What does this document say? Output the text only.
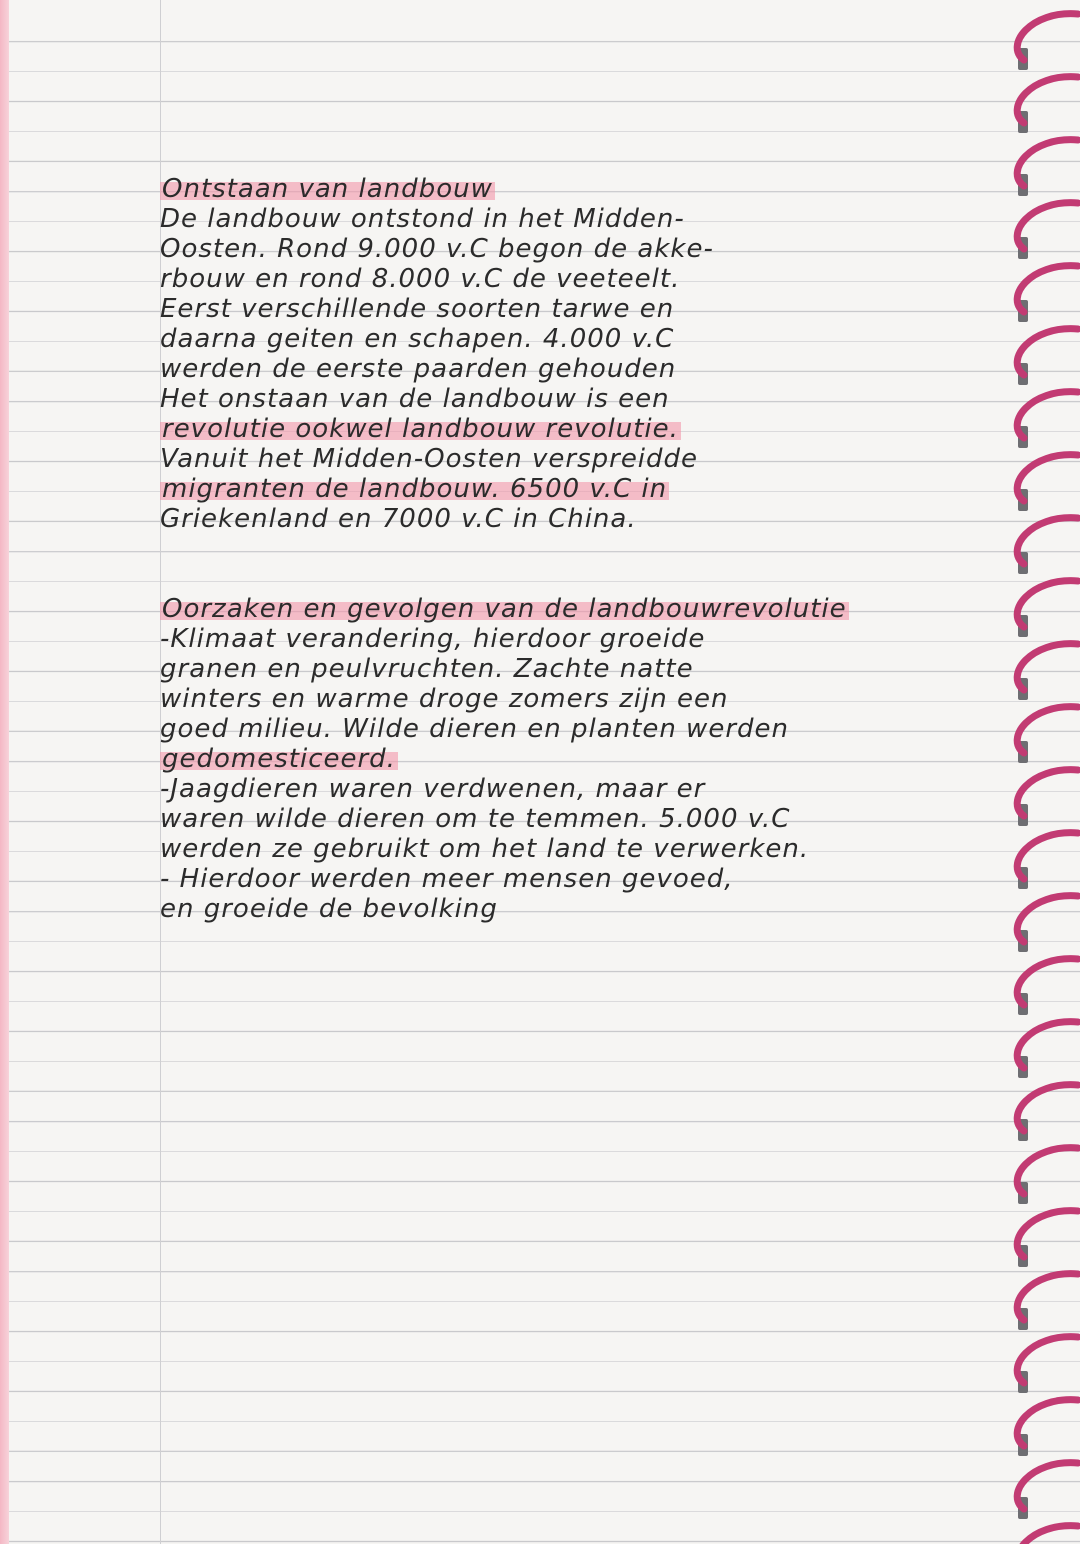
Ontstaan van landbouw
De landbouw ontstond in het Midden-
Oosten. Rond 9.000 v.C begon de akke-
rbouw en rond 8.000 v.C de veeteelt.
Eerst verschillende soorten tarwe en
daarna geiten en schapen. 4.000 v.C
werden de eerste paarden gehouden
Het onstaan van de landbouw is een
revolutie ookwel landbouw revolutie.
Vanuit het Midden-Oosten verspreidde
migranten de landbouw. 6500 v.C in
Griekenland en 7000 v.C in China.
Oorzaken en gevolgen van de landbouwrevolutie
-Klimaat verandering, hierdoor groeide
granen en peulvruchten. Zachte natte
winters en warme droge zomers zijn een
goed milieu. Wilde dieren en planten werden
gedomesticeerd.
-Jaagdieren waren verdwenen, maar er
waren wilde dieren om te temmen. 5.000 v.C
werden ze gebruikt om het land te verwerken.
- Hierdoor werden meer mensen gevoed,
en groeide de bevolking
